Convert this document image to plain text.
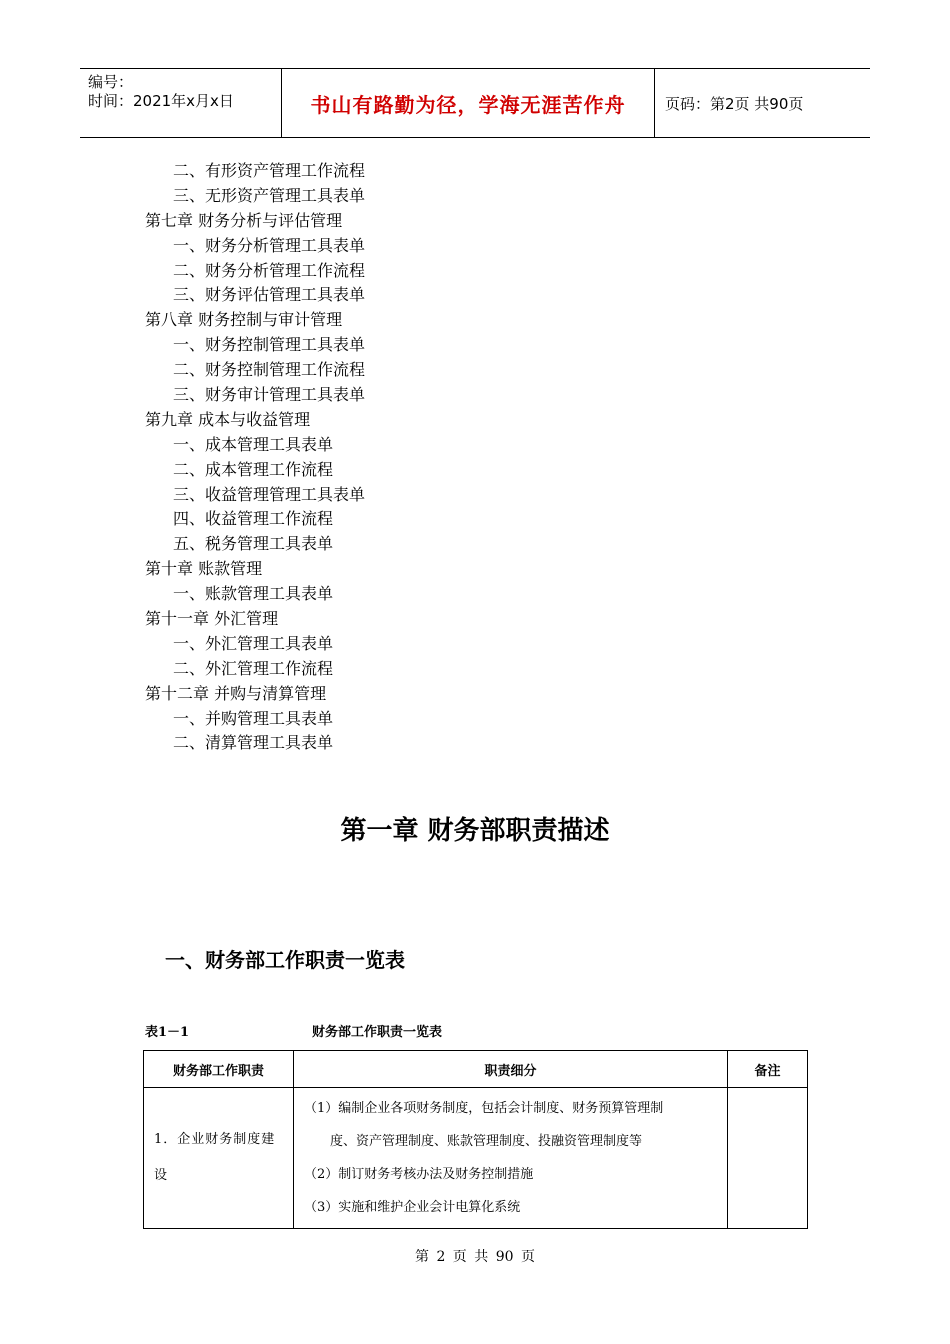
编号：
时间：2021年x月x日	书山有路勤为径，学海无涯苦作舟	页码：第2页 共90页
二、有形资产管理工作流程
三、无形资产管理工具表单
第七章 财务分析与评估管理
一、财务分析管理工具表单
二、财务分析管理工作流程
三、财务评估管理工具表单
第八章 财务控制与审计管理
一、财务控制管理工具表单
二、财务控制管理工作流程
三、财务审计管理工具表单
第九章 成本与收益管理
一、成本管理工具表单
二、成本管理工作流程
三、收益管理管理工具表单
四、收益管理工作流程
五、税务管理工具表单
第十章 账款管理
一、账款管理工具表单
第十一章 外汇管理
一、外汇管理工具表单
二、外汇管理工作流程
第十二章 并购与清算管理
一、并购管理工具表单
二、清算管理工具表单
第一章 财务部职责描述
一、财务部工作职责一览表
表1－1	财务部工作职责一览表
财务部工作职责	职责细分	备注
1．企业财务制度建设	（1）编制企业各项财务制度，包括会计制度、财务预算管理制
度、资产管理制度、账款管理制度、投融资管理制度等
（2）制订财务考核办法及财务控制措施
（3）实施和维护企业会计电算化系统	

第 2 页 共 90 页
